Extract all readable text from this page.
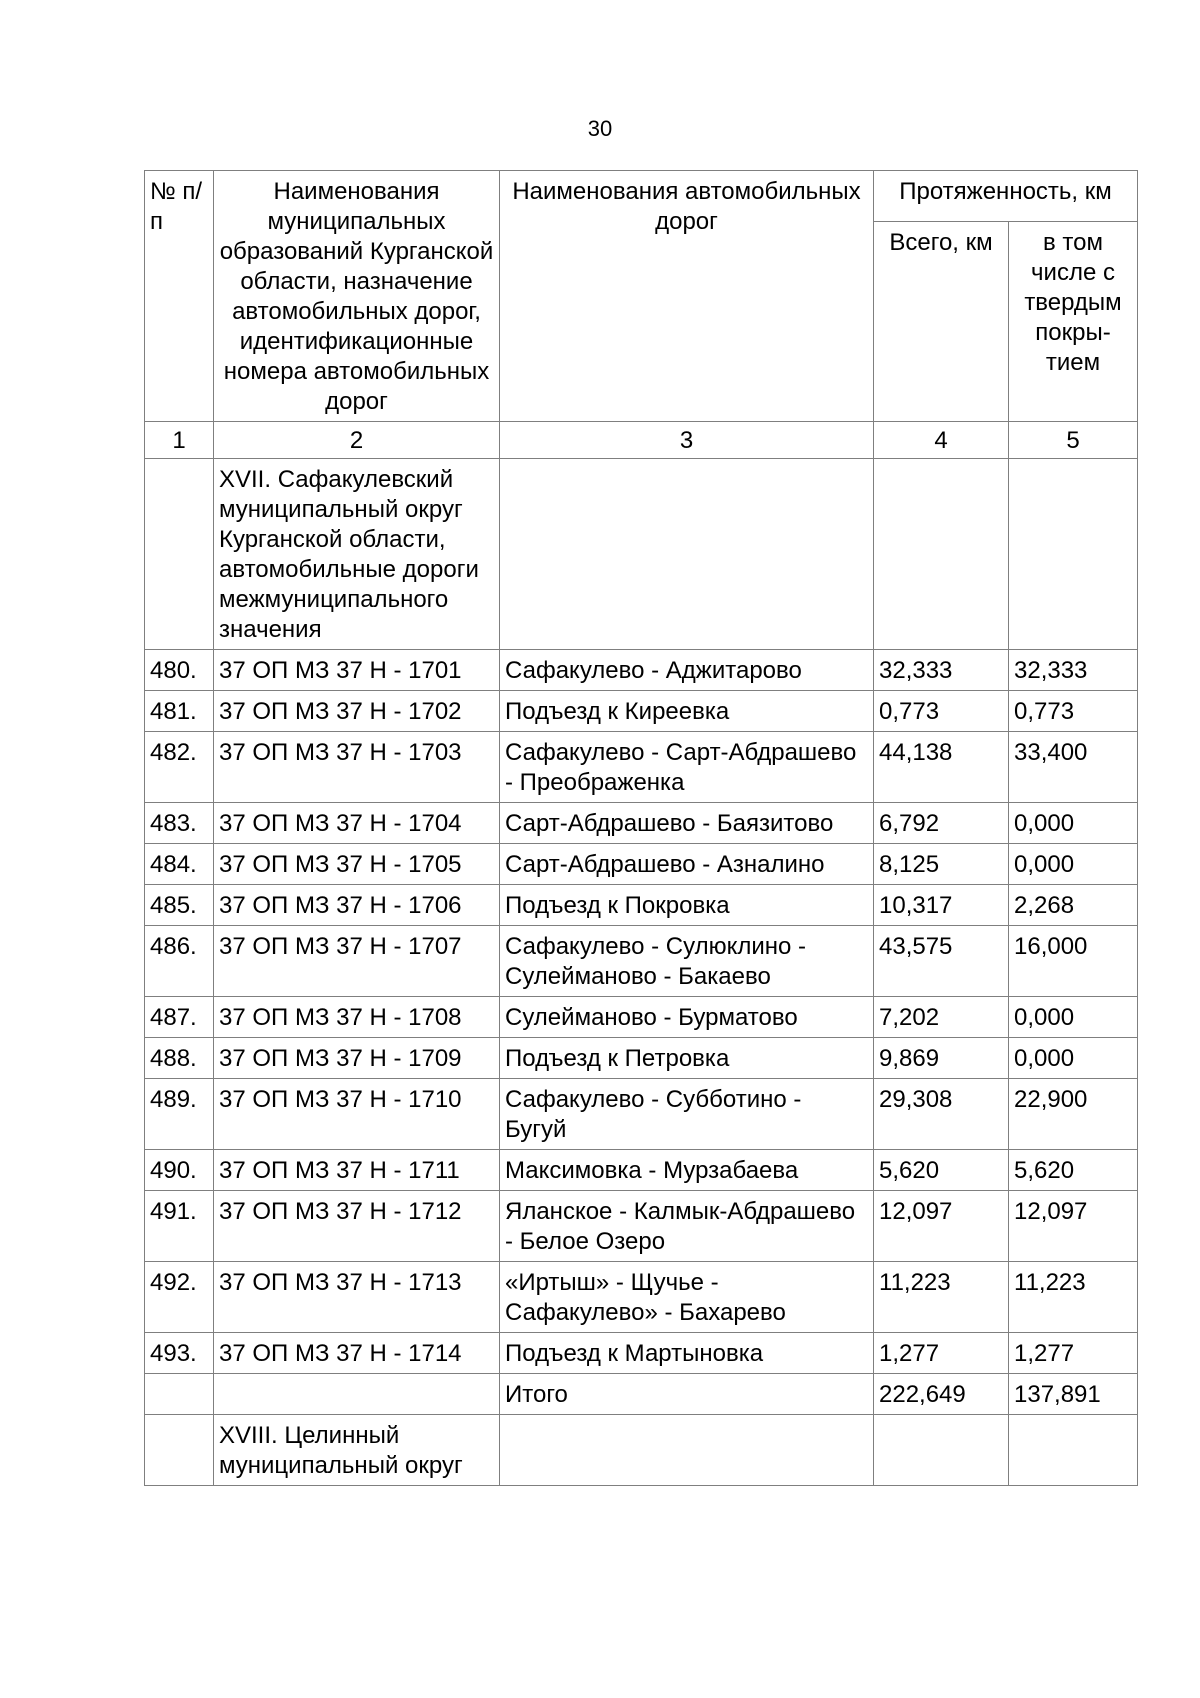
30
№ п/п	Наименования муниципальных образований Курганской области, назначение автомобильных дорог, идентификационные номера автомобильных дорог	Наименования автомобильных дорог	Протяженность, км	
			Всего, км	в том числе с твердым покры-тием
1	2	3	4	5
	XVII. Сафакулевский муниципальный округ Курганской области, автомобильные дороги межмуниципального значения			
480.	37 ОП МЗ 37 Н - 1701	Сафакулево - Аджитарово	32,333	32,333
481.	37 ОП МЗ 37 Н - 1702	Подъезд к Киреевка	0,773	0,773
482.	37 ОП МЗ 37 Н - 1703	Сафакулево - Сарт-Абдрашево - Преображенка	44,138	33,400
483.	37 ОП МЗ 37 Н - 1704	Сарт-Абдрашево - Баязитово	6,792	0,000
484.	37 ОП МЗ 37 Н - 1705	Сарт-Абдрашево - Азналино	8,125	0,000
485.	37 ОП МЗ 37 Н - 1706	Подъезд к Покровка	10,317	2,268
486.	37 ОП МЗ 37 Н - 1707	Сафакулево - Сулюклино - Сулейманово - Бакаево	43,575	16,000
487.	37 ОП МЗ 37 Н - 1708	Сулейманово - Бурматово	7,202	0,000
488.	37 ОП МЗ 37 Н - 1709	Подъезд к Петровка	9,869	0,000
489.	37 ОП МЗ 37 Н - 1710	Сафакулево - Субботино - Бугуй	29,308	22,900
490.	37 ОП МЗ 37 Н - 1711	Максимовка - Мурзабаева	5,620	5,620
491.	37 ОП МЗ 37 Н - 1712	Яланское - Калмык-Абдрашево - Белое Озеро	12,097	12,097
492.	37 ОП МЗ 37 Н - 1713	«Иртыш» - Щучье - Сафакулево» - Бахарево	11,223	11,223
493.	37 ОП МЗ 37 Н - 1714	Подъезд к Мартыновка	1,277	1,277
		Итого	222,649	137,891
	XVIII. Целинный муниципальный округ			
